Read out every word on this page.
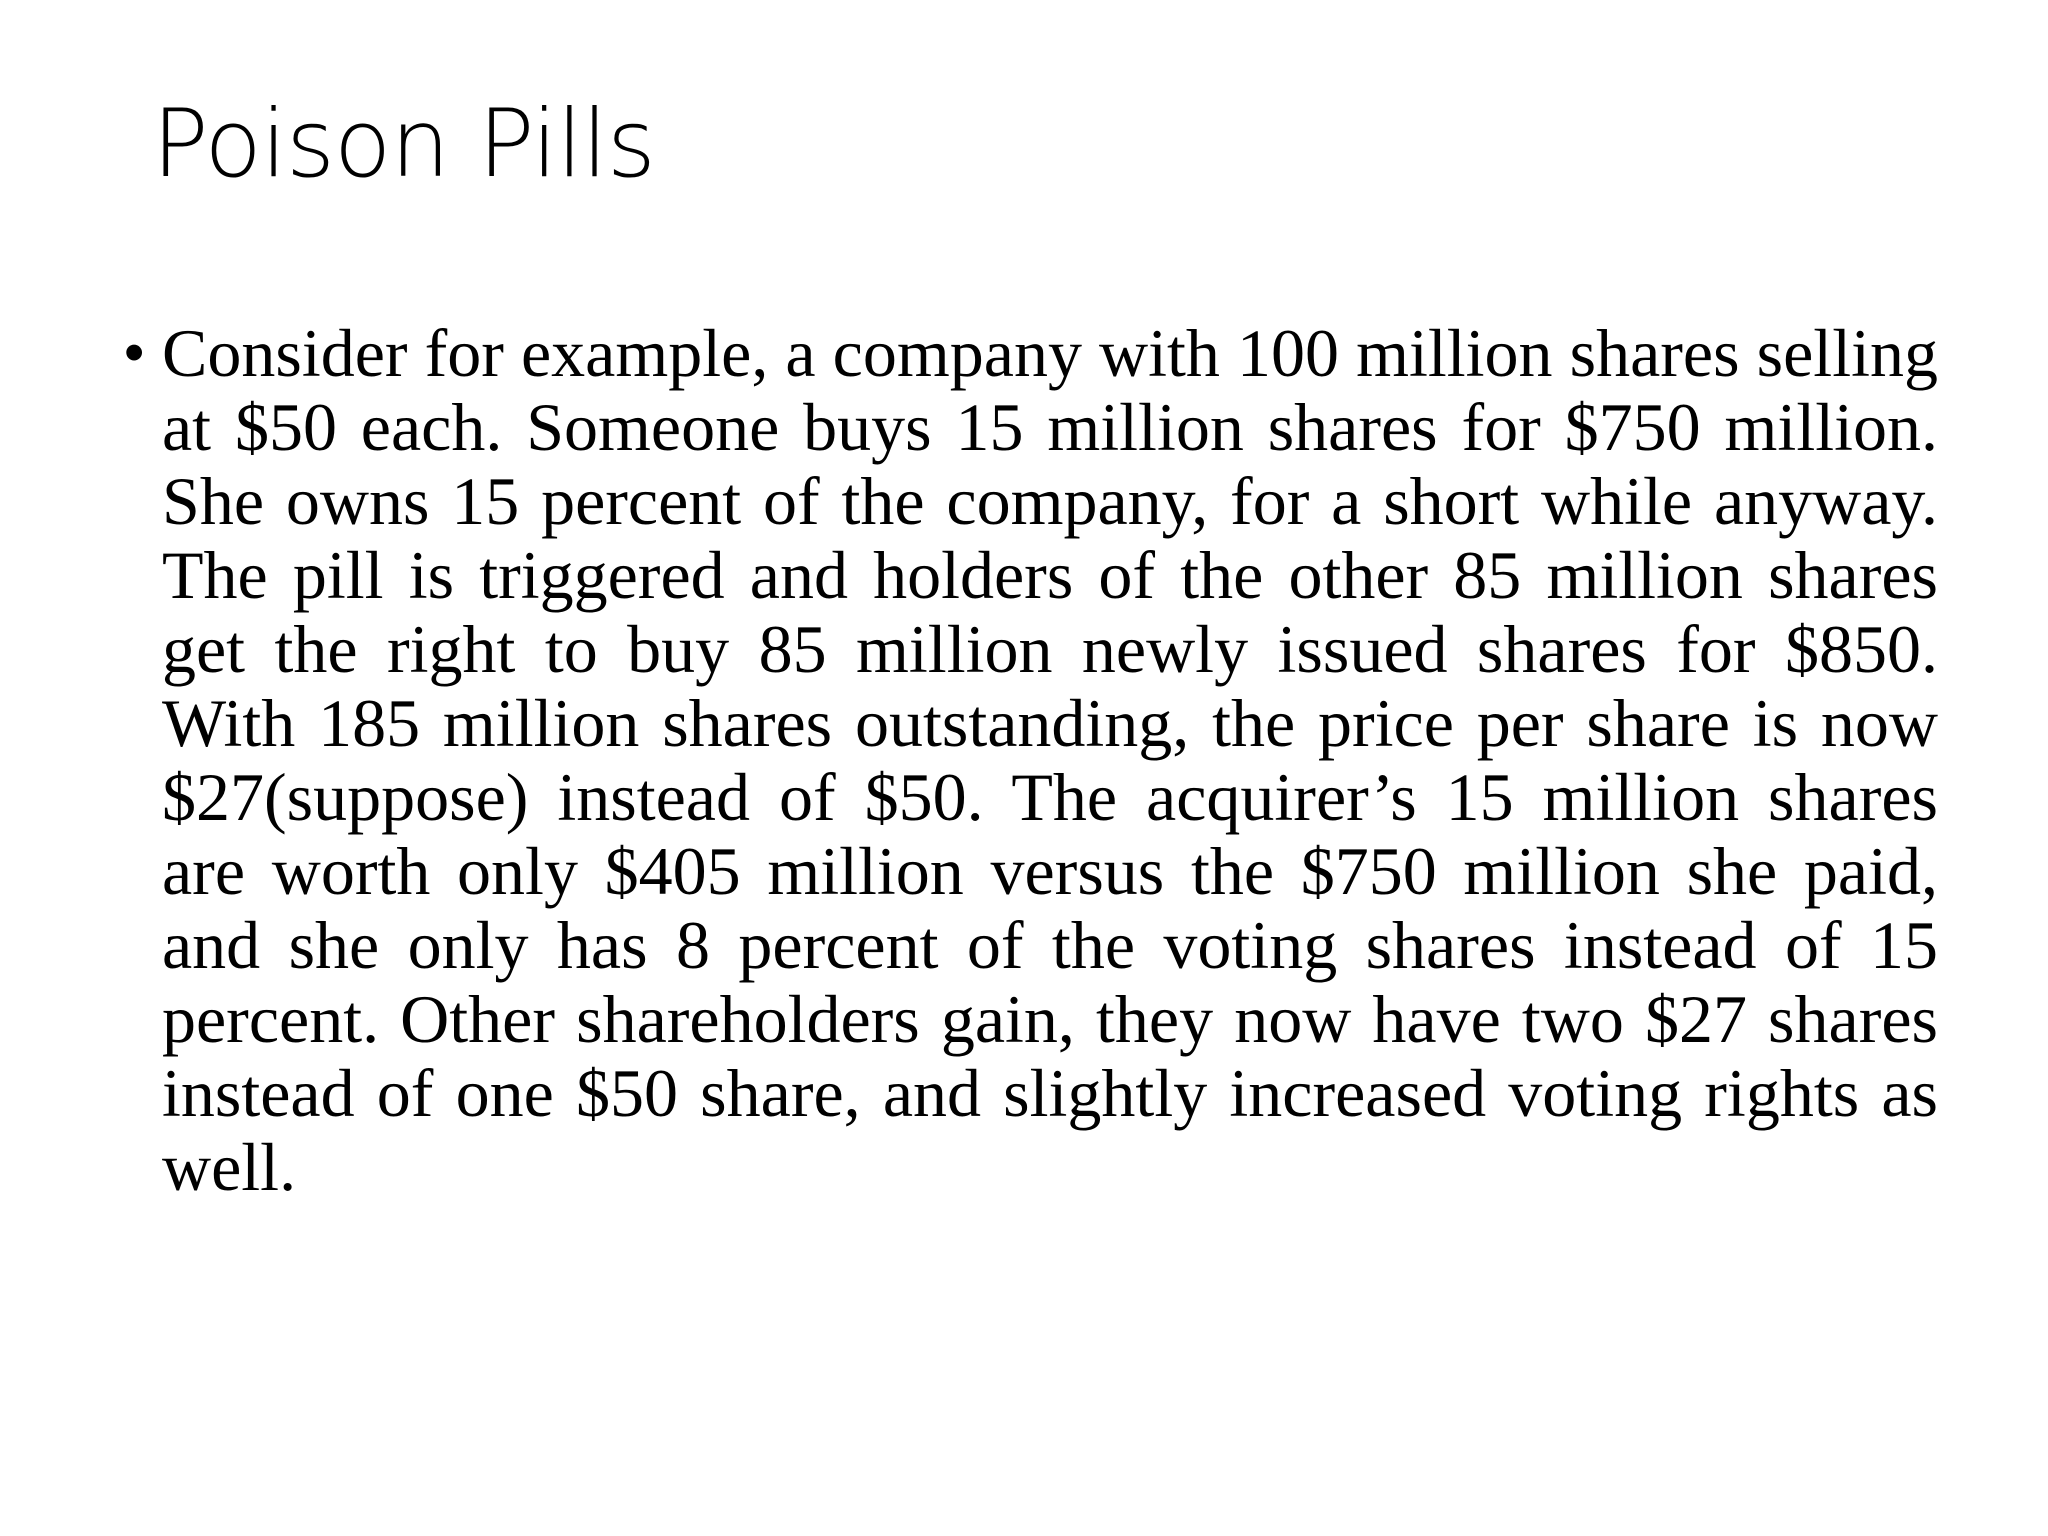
Poison Pills
• Consider for example, a company with 100 million shares selling at $50 each. Someone buys 15 million shares for $750 million. She owns 15 percent of the company, for a short while anyway. The pill is triggered and holders of the other 85 million shares get the right to buy 85 million newly issued shares for $850. With 185 million shares outstanding, the price per share is now $27(suppose) instead of $50. The acquirer’s 15 million shares are worth only $405 million versus the $750 million she paid, and she only has 8 percent of the voting shares instead of 15 percent. Other shareholders gain, they now have two $27 shares instead of one $50 share, and slightly increased voting rights as well.
